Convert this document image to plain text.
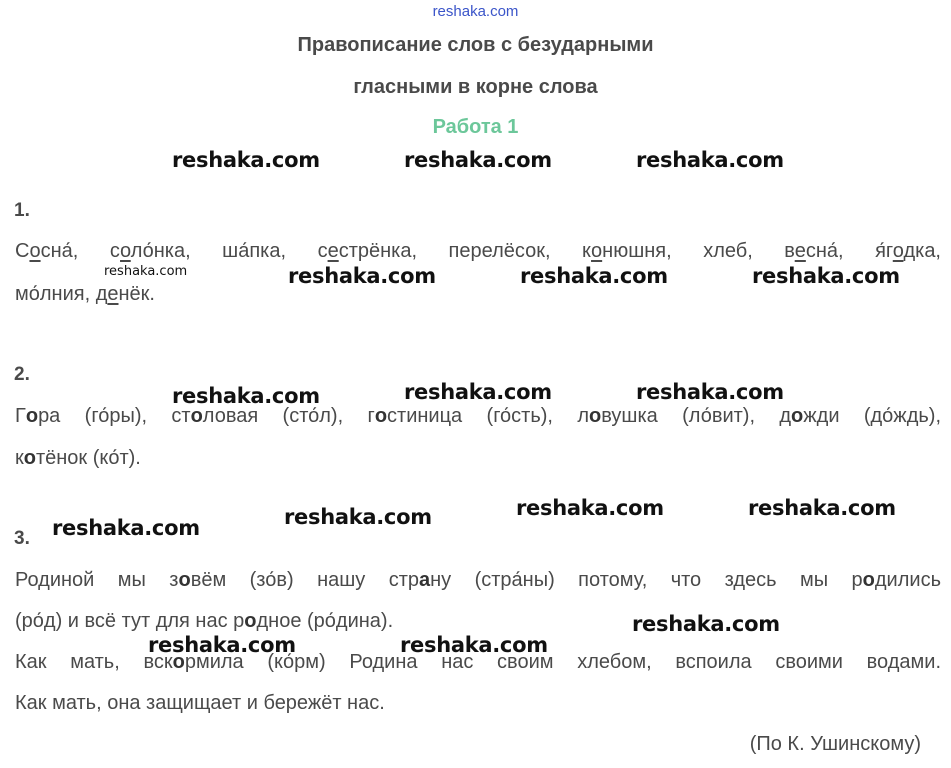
reshaka.com
Правописание слов с безударными
гласными в корне слова
Работа 1
1.
Сосна́, соло́нка, ша́пка, сестрёнка, перелёсок, конюшня, хлеб, весна́, я́годка,
мо́лния, денёк.
2.
Гора (го́ры), столовая (сто́л), гостиница (го́сть), ловушка (ло́вит), дожди (до́ждь),
котёнок (ко́т).
3.
Родиной мы зовём (зо́в) нашу страну (стра́ны) потому, что здесь мы родились
(ро́д) и всё тут для нас родное (ро́дина).
Как мать, вскормила (ко́рм) Родина нас своим хлебом, вспоила своими водами.
Как мать, она защищает и бережёт нас.
(По К. Ушинскому)
reshaka.com	reshaka.com	reshaka.com
reshaka.com	reshaka.com	reshaka.com	reshaka.com
reshaka.com	reshaka.com	reshaka.com
reshaka.com	reshaka.com	reshaka.com	reshaka.com
reshaka.com	reshaka.com
reshaka.com
